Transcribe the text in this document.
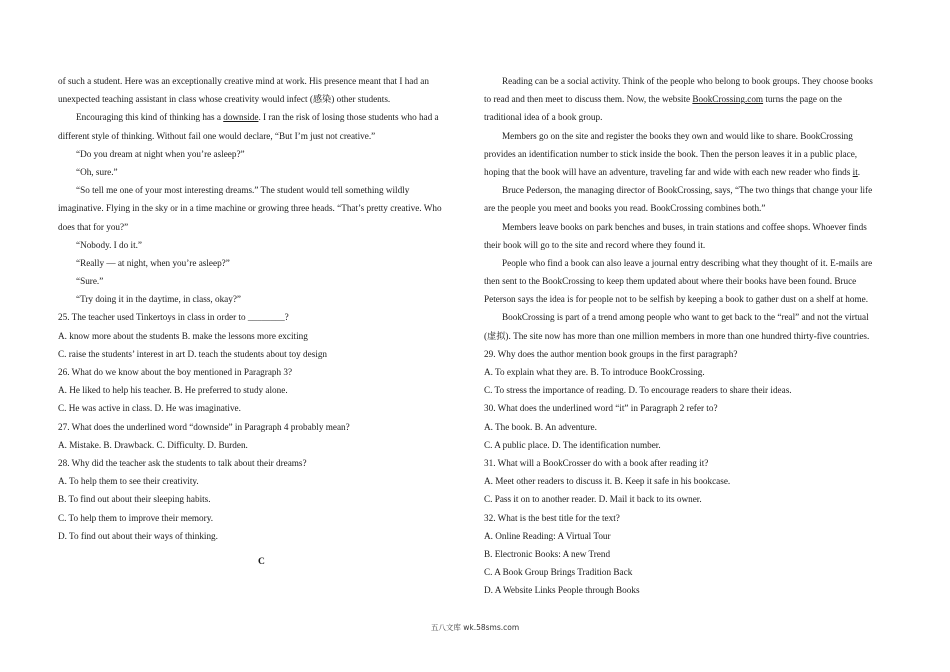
of such a student. Here was an exceptionally creative mind at work. His presence meant that I had an
unexpected teaching assistant in class whose creativity would infect (感染) other students.
Encouraging this kind of thinking has a downside. I ran the risk of losing those students who had a
different style of thinking. Without fail one would declare, “But I’m just not creative.”
“Do you dream at night when you’re asleep?”
“Oh, sure.”
“So tell me one of your most interesting dreams.” The student would tell something wildly
imaginative. Flying in the sky or in a time machine or growing three heads. “That’s pretty creative. Who
does that for you?”
“Nobody. I do it.”
“Really — at night, when you’re asleep?”
“Sure.”
“Try doing it in the daytime, in class, okay?”
25. The teacher used Tinkertoys in class in order to ________?
A. know more about the students B. make the lessons more exciting
C. raise the students’ interest in art D. teach the students about toy design
26. What do we know about the boy mentioned in Paragraph 3?
A. He liked to help his teacher. B. He preferred to study alone.
C. He was active in class. D. He was imaginative.
27. What does the underlined word “downside” in Paragraph 4 probably mean?
A. Mistake. B. Drawback. C. Difficulty. D. Burden.
28. Why did the teacher ask the students to talk about their dreams?
A. To help them to see their creativity.
B. To find out about their sleeping habits.
C. To help them to improve their memory.
D. To find out about their ways of thinking.
C
Reading can be a social activity. Think of the people who belong to book groups. They choose books
to read and then meet to discuss them. Now, the website BookCrossing.com turns the page on the
traditional idea of a book group.
Members go on the site and register the books they own and would like to share. BookCrossing
provides an identification number to stick inside the book. Then the person leaves it in a public place,
hoping that the book will have an adventure, traveling far and wide with each new reader who finds it.
Bruce Pederson, the managing director of BookCrossing, says, “The two things that change your life
are the people you meet and books you read. BookCrossing combines both.”
Members leave books on park benches and buses, in train stations and coffee shops. Whoever finds
their book will go to the site and record where they found it.
People who find a book can also leave a journal entry describing what they thought of it. E-mails are
then sent to the BookCrossing to keep them updated about where their books have been found. Bruce
Peterson says the idea is for people not to be selfish by keeping a book to gather dust on a shelf at home.
BookCrossing is part of a trend among people who want to get back to the “real” and not the virtual
(虚拟). The site now has more than one million members in more than one hundred thirty-five countries.
29. Why does the author mention book groups in the first paragraph?
A. To explain what they are. B. To introduce BookCrossing.
C. To stress the importance of reading. D. To encourage readers to share their ideas.
30. What does the underlined word “it” in Paragraph 2 refer to?
A. The book. B. An adventure.
C. A public place. D. The identification number.
31. What will a BookCrosser do with a book after reading it?
A. Meet other readers to discuss it. B. Keep it safe in his bookcase.
C. Pass it on to another reader. D. Mail it back to its owner.
32. What is the best title for the text?
A. Online Reading: A Virtual Tour
B. Electronic Books: A new Trend
C. A Book Group Brings Tradition Back
D. A Website Links People through Books
五八文库 wk.58sms.com
